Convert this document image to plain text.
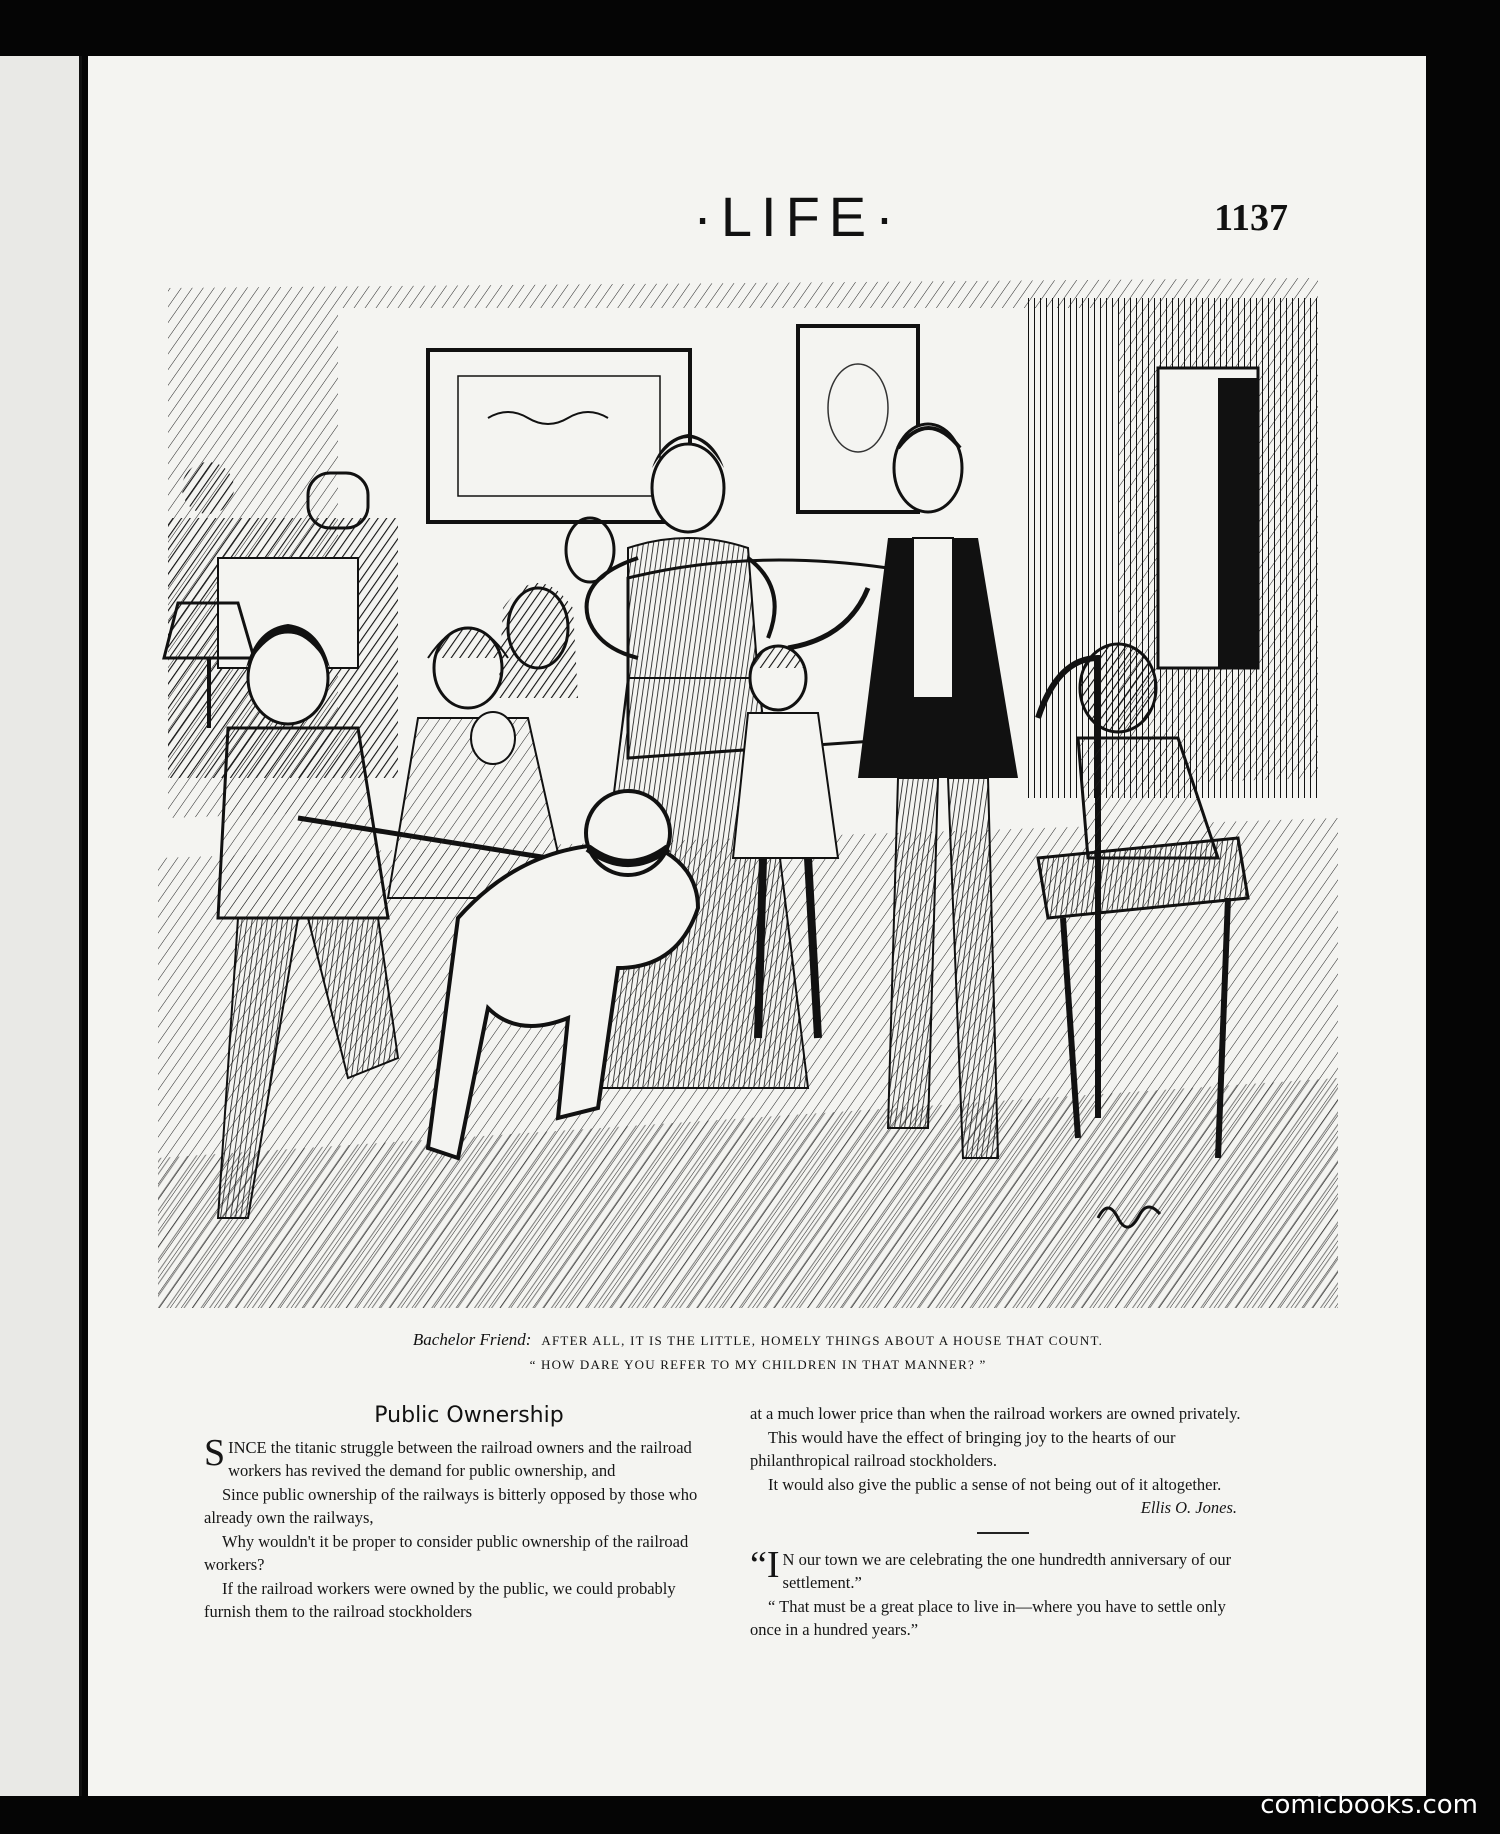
·LIFE·	1137
Bachelor Friend: AFTER ALL, IT IS THE LITTLE, HOMELY THINGS ABOUT A HOUSE THAT COUNT.
“ HOW DARE YOU REFER TO MY CHILDREN IN THAT MANNER? ”
Public Ownership

SINCE the titanic struggle between the railroad owners and the railroad workers has revived the demand for public ownership, and

Since public ownership of the railways is bitterly opposed by those who already own the railways,

Why wouldn't it be proper to consider public ownership of the railroad workers?

If the railroad workers were owned by the public, we could probably furnish them to the railroad stockholders

at a much lower price than when the railroad workers are owned privately.

This would have the effect of bringing joy to the hearts of our philanthropical railroad stockholders.

It would also give the public a sense of not being out of it altogether.

Ellis O. Jones.

“I N our town we are celebrating the one hundredth anniversary of our settlement.”

“ That must be a great place to live in—where you have to settle only once in a hundred years.”

comicbooks.com
